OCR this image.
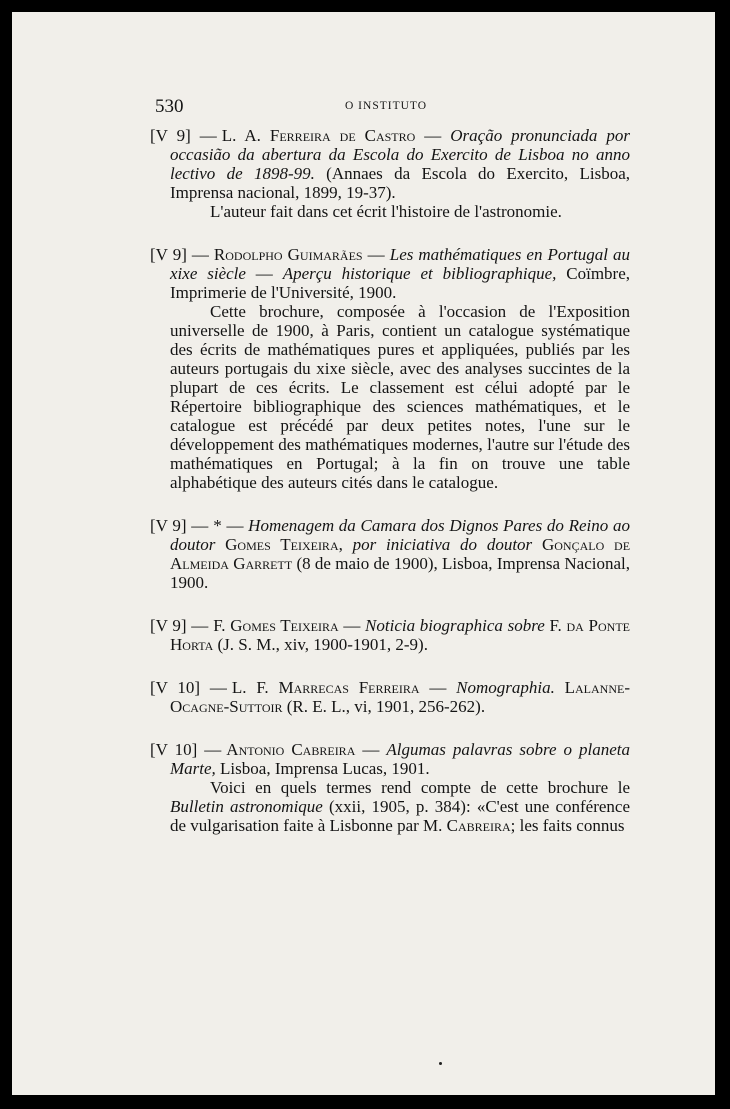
530	O INSTITUTO
[V 9] — L. A. Ferreira de Castro — Oração pronunciada por occasião da abertura da Escola do Exercito de Lisboa no anno lectivo de 1898-99. (Annaes da Escola do Exercito, Lisboa, Imprensa nacional, 1899, 19-37).
L'auteur fait dans cet écrit l'histoire de l'astronomie.
[V 9] — Rodolpho Guimarães — Les mathématiques en Portugal au xixe siècle — Aperçu historique et bibliographique, Coïmbre, Imprimerie de l'Université, 1900.
Cette brochure, composée à l'occasion de l'Exposition universelle de 1900, à Paris, contient un catalogue systématique des écrits de mathématiques pures et appliquées, publiés par les auteurs portugais du xixe siècle, avec des analyses succintes de la plupart de ces écrits. Le classement est célui adopté par le Répertoire bibliographique des sciences mathématiques, et le catalogue est précédé par deux petites notes, l'une sur le développement des mathématiques modernes, l'autre sur l'étude des mathématiques en Portugal; à la fin on trouve une table alphabétique des auteurs cités dans le catalogue.
[V 9] — * — Homenagem da Camara dos Dignos Pares do Reino ao doutor Gomes Teixeira, por iniciativa do doutor Gonçalo de Almeida Garrett (8 de maio de 1900), Lisboa, Imprensa Nacional, 1900.
[V 9] — F. Gomes Teixeira — Noticia biographica sobre F. da Ponte Horta (J. S. M., xiv, 1900-1901, 2-9).
[V 10] — L. F. Marrecas Ferreira — Nomographia. Lalanne-Ocagne-Suttoir (R. E. L., vi, 1901, 256-262).
[V 10] — Antonio Cabreira — Algumas palavras sobre o planeta Marte, Lisboa, Imprensa Lucas, 1901.
Voici en quels termes rend compte de cette brochure le Bulletin astronomique (xxii, 1905, p. 384): «C'est une conférence de vulgarisation faite à Lisbonne par M. Cabreira; les faits connus
